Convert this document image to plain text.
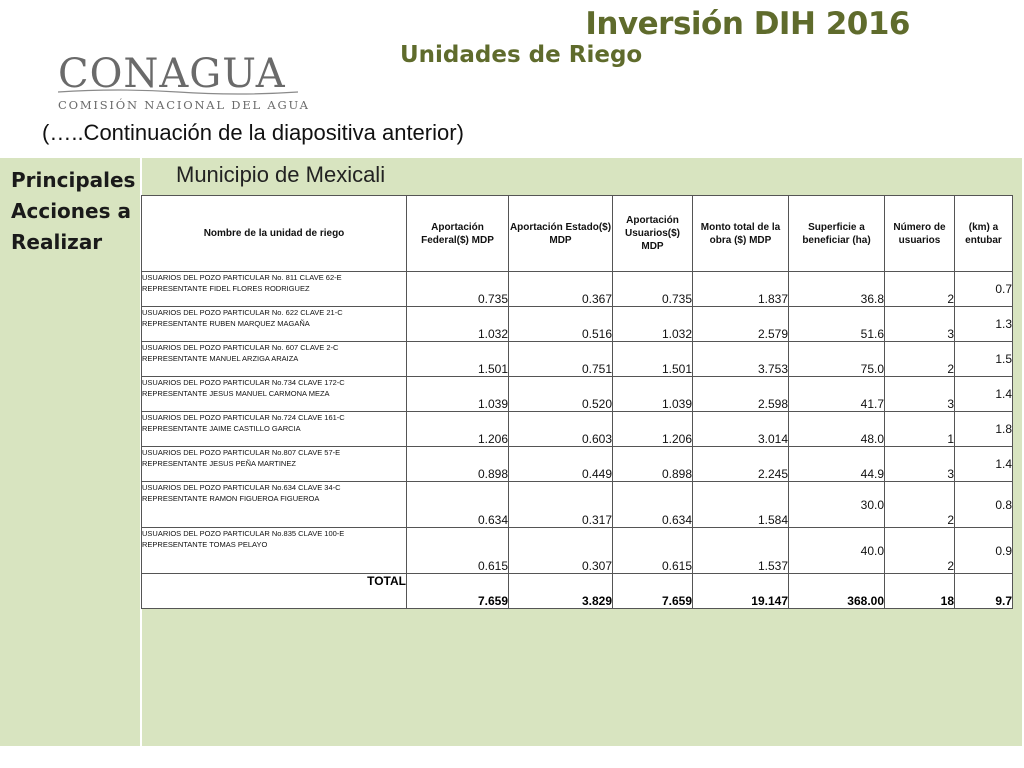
Inversión DIH 2016
Unidades de Riego
CONAGUA
COMISIÓN NACIONAL DEL AGUA
(…..Continuación de la diapositiva anterior)
Principales Acciones a Realizar
Municipio de Mexicali
Nombre de la unidad de riego	Aportación Federal($) MDP	Aportación Estado($) MDP	Aportación Usuarios($) MDP	Monto total de la obra ($) MDP	Superficie a beneficiar (ha)	Número de usuarios	(km) a entubar

USUARIOS DEL POZO PARTICULAR No. 811 CLAVE 62-E
REPRESENTANTE FIDEL FLORES RODRIGUEZ	0.735	0.367	0.735	1.837	36.8	2	0.7

USUARIOS DEL POZO PARTICULAR No. 622 CLAVE 21-C
REPRESENTANTE RUBEN MARQUEZ MAGAÑA	1.032	0.516	1.032	2.579	51.6	3	1.3

USUARIOS DEL POZO PARTICULAR No. 607 CLAVE 2-C
REPRESENTANTE MANUEL ARZIGA ARAIZA	1.501	0.751	1.501	3.753	75.0	2	1.5

USUARIOS DEL POZO PARTICULAR No.734 CLAVE 172-C
REPRESENTANTE JESUS MANUEL CARMONA MEZA	1.039	0.520	1.039	2.598	41.7	3	1.4

USUARIOS DEL POZO PARTICULAR No.724 CLAVE 161-C
REPRESENTANTE JAIME CASTILLO GARCIA	1.206	0.603	1.206	3.014	48.0	1	1.8

USUARIOS DEL POZO PARTICULAR No.807 CLAVE 57-E
REPRESENTANTE JESUS PEÑA MARTINEZ	0.898	0.449	0.898	2.245	44.9	3	1.4

USUARIOS DEL POZO PARTICULAR No.634 CLAVE 34-C
REPRESENTANTE RAMON FIGUEROA FIGUEROA	0.634	0.317	0.634	1.584	30.0	2	0.8

USUARIOS DEL POZO PARTICULAR No.835 CLAVE 100-E
REPRESENTANTE TOMAS PELAYO	0.615	0.307	0.615	1.537	40.0	2	0.9
TOTAL	7.659	3.829	7.659	19.147	368.00	18	9.7
